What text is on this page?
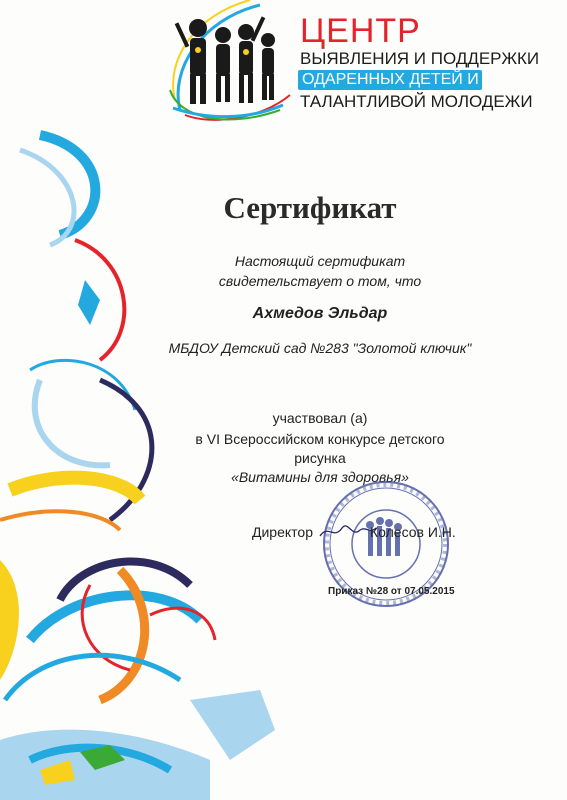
ЦЕНТР
ВЫЯВЛЕНИЯ И ПОДДЕРЖКИ
ОДАРЕННЫХ ДЕТЕЙ И
ТАЛАНТЛИВОЙ МОЛОДЕЖИ
Сертификат
Настоящий сертификат
свидетельствует о том, что
Ахмедов Эльдар
МБДОУ Детский сад №283 "Золотой ключик"
участвовал (а)
в VI Всероссийском конкурсе детского
рисунка
«Витамины для здоровья»
Директор	Колесов И.Н.
Приказ №28 от 07.05.2015
